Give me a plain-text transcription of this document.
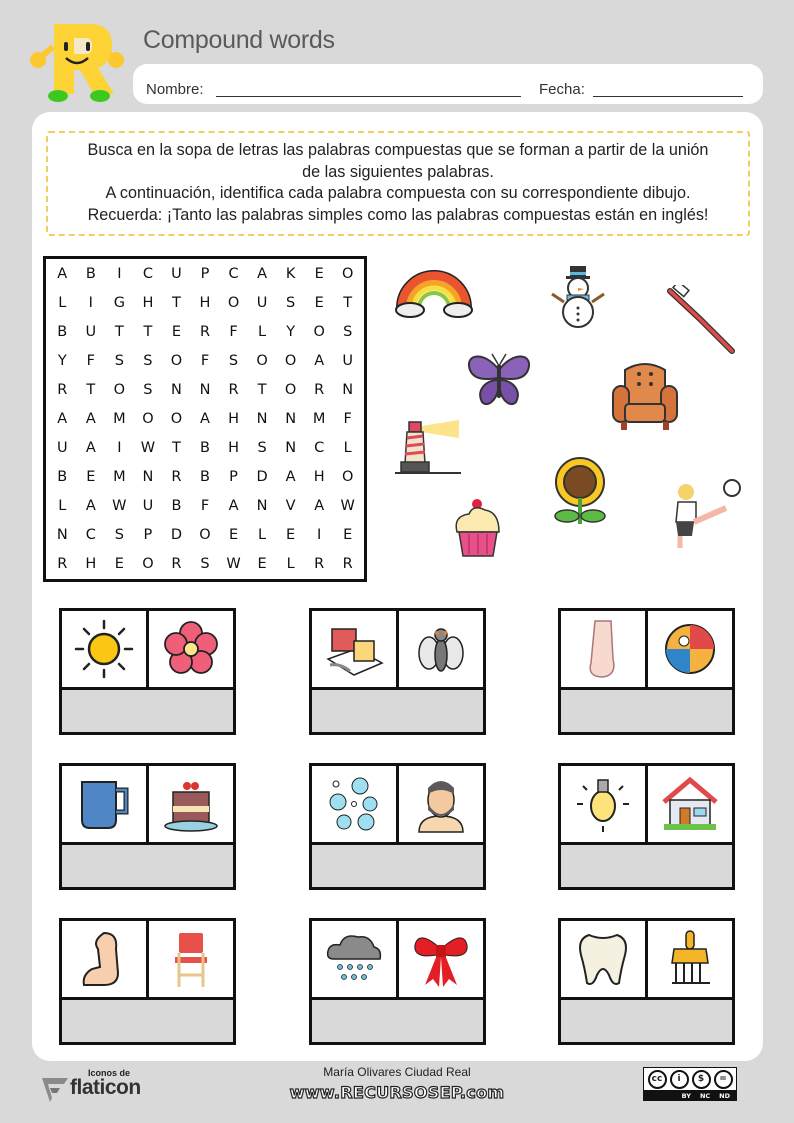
Compound words
Nombre:	Fecha:
Busca en la sopa de letras las palabras compuestas que se forman a partir de la unión
de las siguientes palabras.
A continuación, identifica cada palabra compuesta con su correspondiente dibujo.
Recuerda: ¡Tanto las palabras simples como las palabras compuestas están en inglés!
A	B	I	C	U	P	C	A	K	E	O
L	I	G	H	T	H	O	U	S	E	T
B	U	T	T	E	R	F	L	Y	O	S
Y	F	S	S	O	F	S	O	O	A	U
R	T	O	S	N	N	R	T	O	R	N
A	A	M	O	O	A	H	N	N	M	F
U	A	I	W	T	B	H	S	N	C	L
B	E	M	N	R	B	P	D	A	H	O
L	A	W	U	B	F	A	N	V	A	W
N	C	S	P	D	O	E	L	E	I	E
R	H	E	O	R	S	W	E	L	R	R
Iconos de
flaticon
María Olivares Ciudad Real
www.RECURSOSEP.com
cc	i	$	=
BY NC ND
